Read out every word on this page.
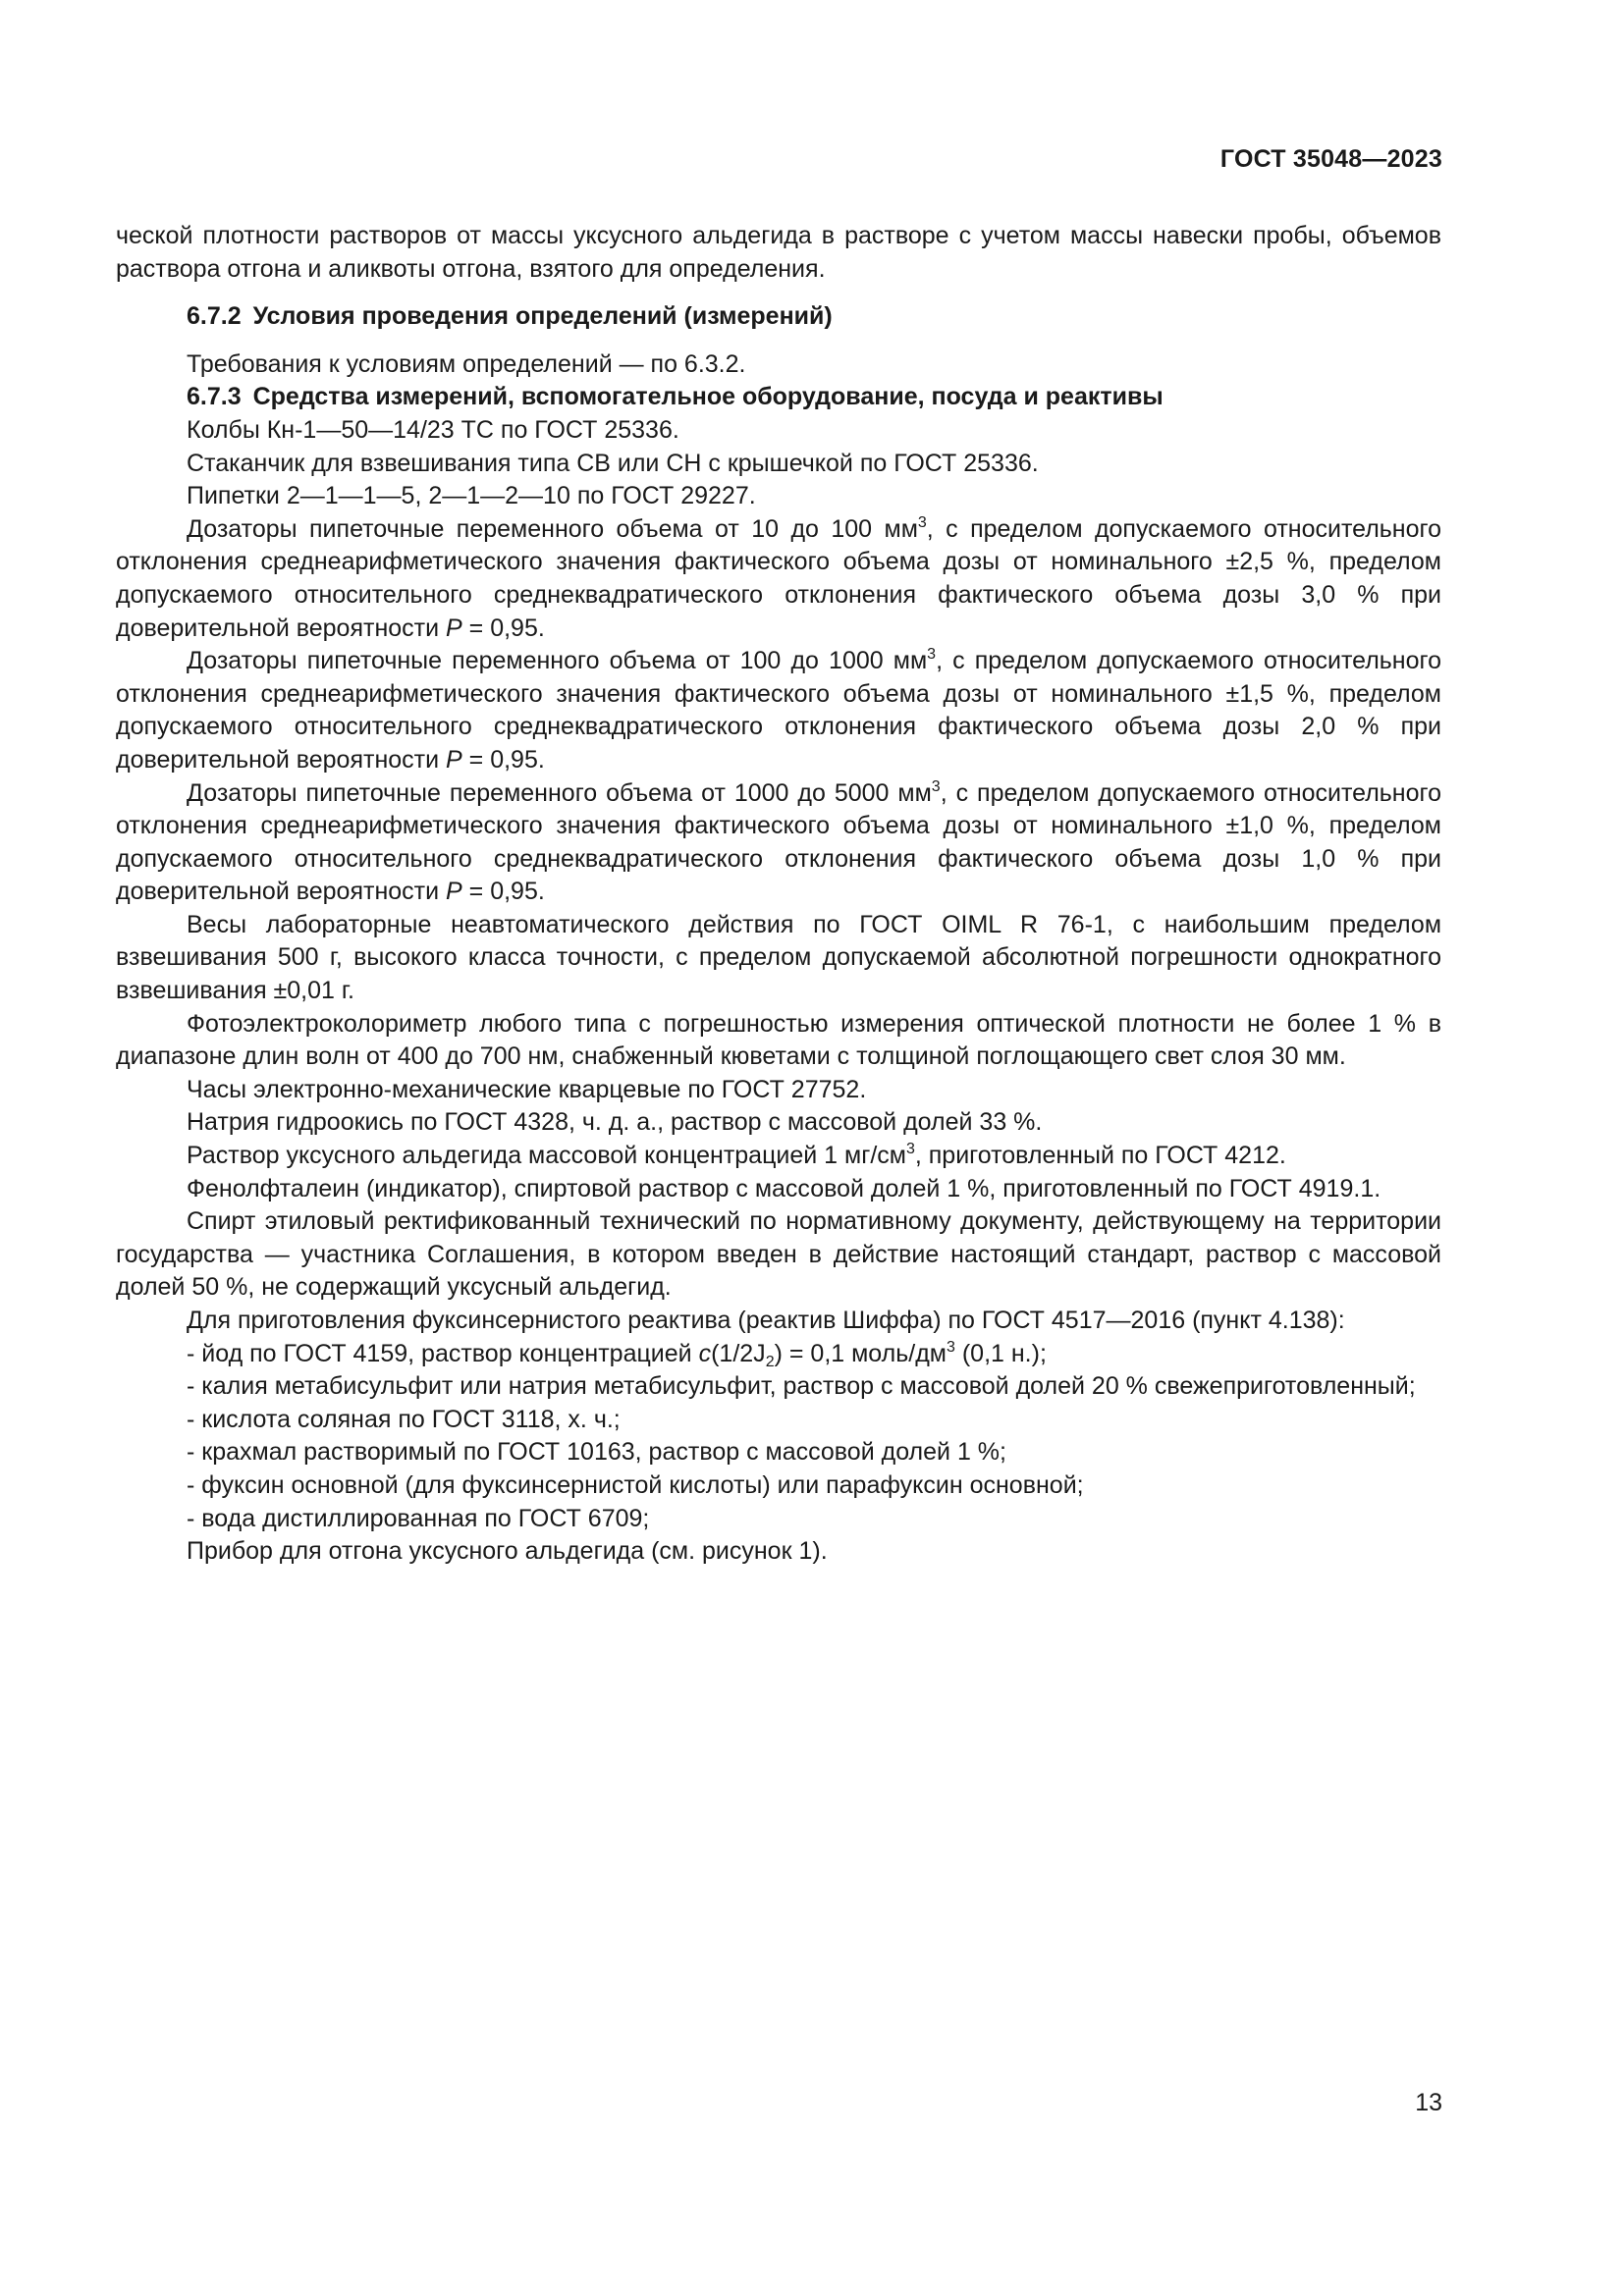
ГОСТ 35048—2023

ческой плотности растворов от массы уксусного альдегида в растворе с учетом массы навески пробы, объемов раствора отгона и аликвоты отгона, взятого для определения.

6.7.2 Условия проведения определений (измерений)

Требования к условиям определений — по 6.3.2.

6.7.3 Средства измерений, вспомогательное оборудование, посуда и реактивы

Колбы Кн-1—50—14/23 ТС по ГОСТ 25336.

Стаканчик для взвешивания типа СВ или СН с крышечкой по ГОСТ 25336.

Пипетки 2—1—1—5, 2—1—2—10 по ГОСТ 29227.

Дозаторы пипеточные переменного объема от 10 до 100 $мм^3$, с пределом допускаемого относительного отклонения среднеарифметического значения фактического объема дозы от номинального ±2,5 %, пределом допускаемого относительного среднеквадратического отклонения фактического объема дозы 3,0 % при доверительной вероятности P = 0,95.

Дозаторы пипеточные переменного объема от 100 до 1000 $мм^3$, с пределом допускаемого относительного отклонения среднеарифметического значения фактического объема дозы от номинального ±1,5 %, пределом допускаемого относительного среднеквадратического отклонения фактического объема дозы 2,0 % при доверительной вероятности P = 0,95.

Дозаторы пипеточные переменного объема от 1000 до 5000 $мм^3$, с пределом допускаемого относительного отклонения среднеарифметического значения фактического объема дозы от номинального ±1,0 %, пределом допускаемого относительного среднеквадратического отклонения фактического объема дозы 1,0 % при доверительной вероятности P = 0,95.

Весы лабораторные неавтоматического действия по ГОСТ OIML R 76-1, с наибольшим пределом взвешивания 500 г, высокого класса точности, с пределом допускаемой абсолютной погрешности однократного взвешивания ±0,01 г.

Фотоэлектроколориметр любого типа с погрешностью измерения оптической плотности не более 1 % в диапазоне длин волн от 400 до 700 нм, снабженный кюветами с толщиной поглощающего свет слоя 30 мм.

Часы электронно-механические кварцевые по ГОСТ 27752.

Натрия гидроокись по ГОСТ 4328, ч. д. а., раствор с массовой долей 33 %.

Раствор уксусного альдегида массовой концентрацией 1 $мг/см^3$, приготовленный по ГОСТ 4212.

Фенолфталеин (индикатор), спиртовой раствор с массовой долей 1 %, приготовленный по ГОСТ 4919.1.

Спирт этиловый ректификованный технический по нормативному документу, действующему на территории государства — участника Соглашения, в котором введен в действие настоящий стандарт, раствор с массовой долей 50 %, не содержащий уксусный альдегид.

Для приготовления фуксинсернистого реактива (реактив Шиффа) по ГОСТ 4517—2016 (пункт 4.138):

- йод по ГОСТ 4159, раствор концентрацией $c(1/2J_2) = 0,1$ моль/$дм^3$ (0,1 н.);

- калия метабисульфит или натрия метабисульфит, раствор с массовой долей 20 % свежеприготовленный;

- кислота соляная по ГОСТ 3118, х. ч.;

- крахмал растворимый по ГОСТ 10163, раствор с массовой долей 1 %;

- фуксин основной (для фуксинсернистой кислоты) или парафуксин основной;

- вода дистиллированная по ГОСТ 6709;

Прибор для отгона уксусного альдегида (см. рисунок 1).

13
